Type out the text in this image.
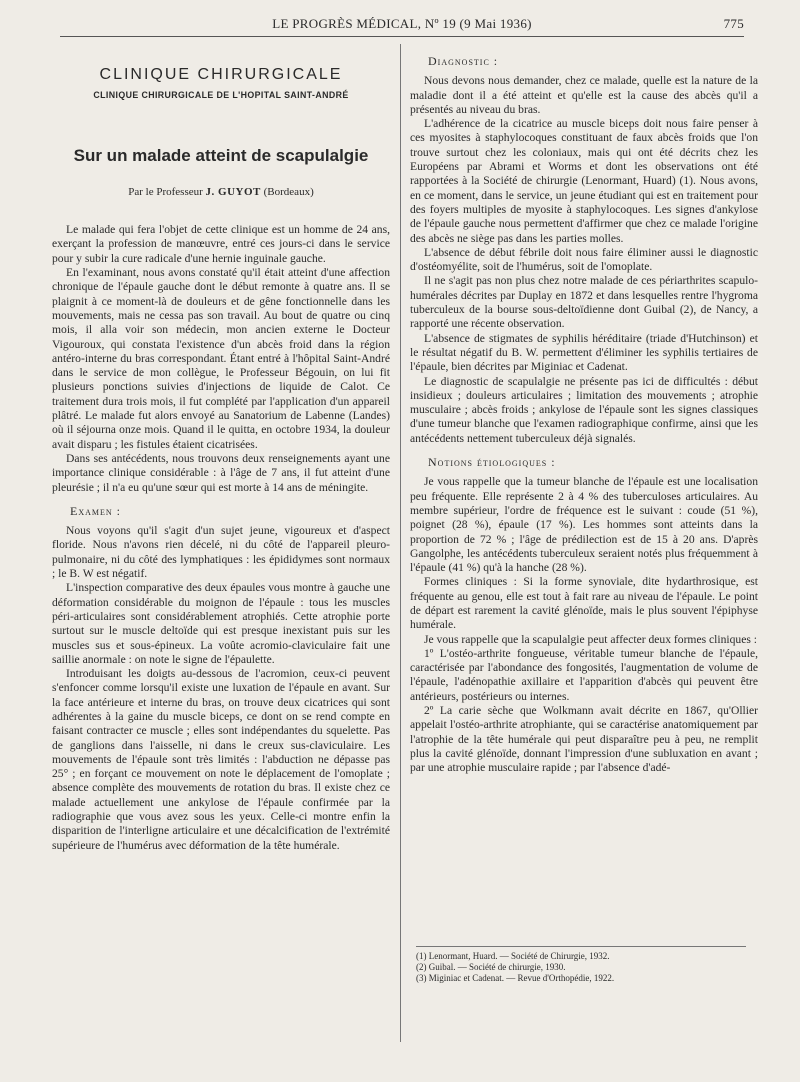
LE PROGRÈS MÉDICAL, Nº 19 (9 Mai 1936)	775
CLINIQUE CHIRURGICALE
CLINIQUE CHIRURGICALE DE L'HOPITAL SAINT-ANDRÉ
Sur un malade atteint de scapulalgie
Par le Professeur J. GUYOT (Bordeaux)

Le malade qui fera l'objet de cette clinique est un homme de 24 ans, exerçant la profession de manœuvre, entré ces jours-ci dans le service pour y subir la cure radicale d'une hernie inguinale gauche.

En l'examinant, nous avons constaté qu'il était atteint d'une affection chronique de l'épaule gauche dont le début remonte à quatre ans. Il se plaignit à ce moment-là de douleurs et de gêne fonctionnelle dans les mouvements, mais ne cessa pas son travail. Au bout de quatre ou cinq mois, il alla voir son médecin, mon ancien externe le Docteur Vigouroux, qui constata l'existence d'un abcès froid dans la région antéro-interne du bras correspondant. Étant entré à l'hôpital Saint-André dans le service de mon collègue, le Professeur Bégouin, on lui fit plusieurs ponctions suivies d'injections de liquide de Calot. Ce traitement dura trois mois, il fut complété par l'application d'un appareil plâtré. Le malade fut alors envoyé au Sanatorium de Labenne (Landes) où il séjourna onze mois. Quand il le quitta, en octobre 1934, la douleur avait disparu ; les fistules étaient cicatrisées.

Dans ses antécédents, nous trouvons deux renseignements ayant une importance clinique considérable : à l'âge de 7 ans, il fut atteint d'une pleurésie ; il n'a eu qu'une sœur qui est morte à 14 ans de méningite.

Examen :

Nous voyons qu'il s'agit d'un sujet jeune, vigoureux et d'aspect floride. Nous n'avons rien décelé, ni du côté de l'appareil pleuro-pulmonaire, ni du côté des lymphatiques : les épididymes sont normaux ; le B. W est négatif.

L'inspection comparative des deux épaules vous montre à gauche une déformation considérable du moignon de l'épaule : tous les muscles péri-articulaires sont considérablement atrophiés. Cette atrophie porte surtout sur le muscle deltoïde qui est presque inexistant puis sur les muscles sus et sous-épineux. La voûte acromio-claviculaire fait une saillie anormale : on note le signe de l'épaulette.

Introduisant les doigts au-dessous de l'acromion, ceux-ci peuvent s'enfoncer comme lorsqu'il existe une luxation de l'épaule en avant. Sur la face antérieure et interne du bras, on trouve deux cicatrices qui sont adhérentes à la gaine du muscle biceps, ce dont on se rend compte en faisant contracter ce muscle ; elles sont indépendantes du squelette. Pas de ganglions dans l'aisselle, ni dans le creux sus-claviculaire. Les mouvements de l'épaule sont très limités : l'abduction ne dépasse pas 25° ; en forçant ce mouvement on note le déplacement de l'omoplate ; absence complète des mouvements de rotation du bras. Il existe chez ce malade actuellement une ankylose de l'épaule confirmée par la radiographie que vous avez sous les yeux. Celle-ci montre enfin la disparition de l'interligne articulaire et une décalcification de l'extrémité supérieure de l'humérus avec déformation de la tête humérale.

Diagnostic :

Nous devons nous demander, chez ce malade, quelle est la nature de la maladie dont il a été atteint et qu'elle est la cause des abcès qu'il a présentés au niveau du bras.

L'adhérence de la cicatrice au muscle biceps doit nous faire penser à ces myosites à staphylocoques constituant de faux abcès froids que l'on trouve surtout chez les coloniaux, mais qui ont été décrits chez les Européens par Abrami et Worms et dont les observations ont été rapportées à la Société de chirurgie (Lenormant, Huard) (1). Nous avons, en ce moment, dans le service, un jeune étudiant qui est en traitement pour des foyers multiples de myosite à staphylocoques. Les signes d'ankylose de l'épaule gauche nous permettent d'affirmer que chez ce malade l'origine des abcès ne siège pas dans les parties molles.

L'absence de début fébrile doit nous faire éliminer aussi le diagnostic d'ostéomyélite, soit de l'humérus, soit de l'omoplate.

Il ne s'agit pas non plus chez notre malade de ces périarthrites scapulo-humérales décrites par Duplay en 1872 et dans lesquelles rentre l'hygroma tuberculeux de la bourse sous-deltoïdienne dont Guibal (2), de Nancy, a rapporté une récente observation.

L'absence de stigmates de syphilis héréditaire (triade d'Hutchinson) et le résultat négatif du B. W. permettent d'éliminer les syphilis tertiaires de l'épaule, bien décrites par Miginiac et Cadenat.

Le diagnostic de scapulalgie ne présente pas ici de difficultés : début insidieux ; douleurs articulaires ; limitation des mouvements ; atrophie musculaire ; abcès froids ; ankylose de l'épaule sont les signes classiques d'une tumeur blanche que l'examen radiographique confirme, ainsi que les antécédents nettement tuberculeux déjà signalés.

Notions étiologiques :

Je vous rappelle que la tumeur blanche de l'épaule est une localisation peu fréquente. Elle représente 2 à 4 % des tuberculoses articulaires. Au membre supérieur, l'ordre de fréquence est le suivant : coude (51 %), poignet (28 %), épaule (17 %). Les hommes sont atteints dans la proportion de 72 % ; l'âge de prédilection est de 15 à 20 ans. D'après Gangolphe, les antécédents tuberculeux seraient notés plus fréquemment à l'épaule (41 %) qu'à la hanche (28 %).

Formes cliniques : Si la forme synoviale, dite hydarthrosique, est fréquente au genou, elle est tout à fait rare au niveau de l'épaule. Le point de départ est rarement la cavité glénoïde, mais le plus souvent l'épiphyse humérale.

Je vous rappelle que la scapulalgie peut affecter deux formes cliniques :

1º L'ostéo-arthrite fongueuse, véritable tumeur blanche de l'épaule, caractérisée par l'abondance des fongosités, l'augmentation de volume de l'épaule, l'adénopathie axillaire et l'apparition d'abcès qui peuvent être antérieurs, postérieurs ou internes.

2º La carie sèche que Wolkmann avait décrite en 1867, qu'Ollier appelait l'ostéo-arthrite atrophiante, qui se caractérise anatomiquement par l'atrophie de la tête humérale qui peut disparaître peu à peu, ne remplit plus la cavité glénoïde, donnant l'impression d'une subluxation en avant ; par une atrophie musculaire rapide ; par l'absence d'adé-

(1) Lenormant, Huard. — Société de Chirurgie, 1932.
(2) Guibal. — Société de chirurgie, 1930.
(3) Miginiac et Cadenat. — Revue d'Orthopédie, 1922.
